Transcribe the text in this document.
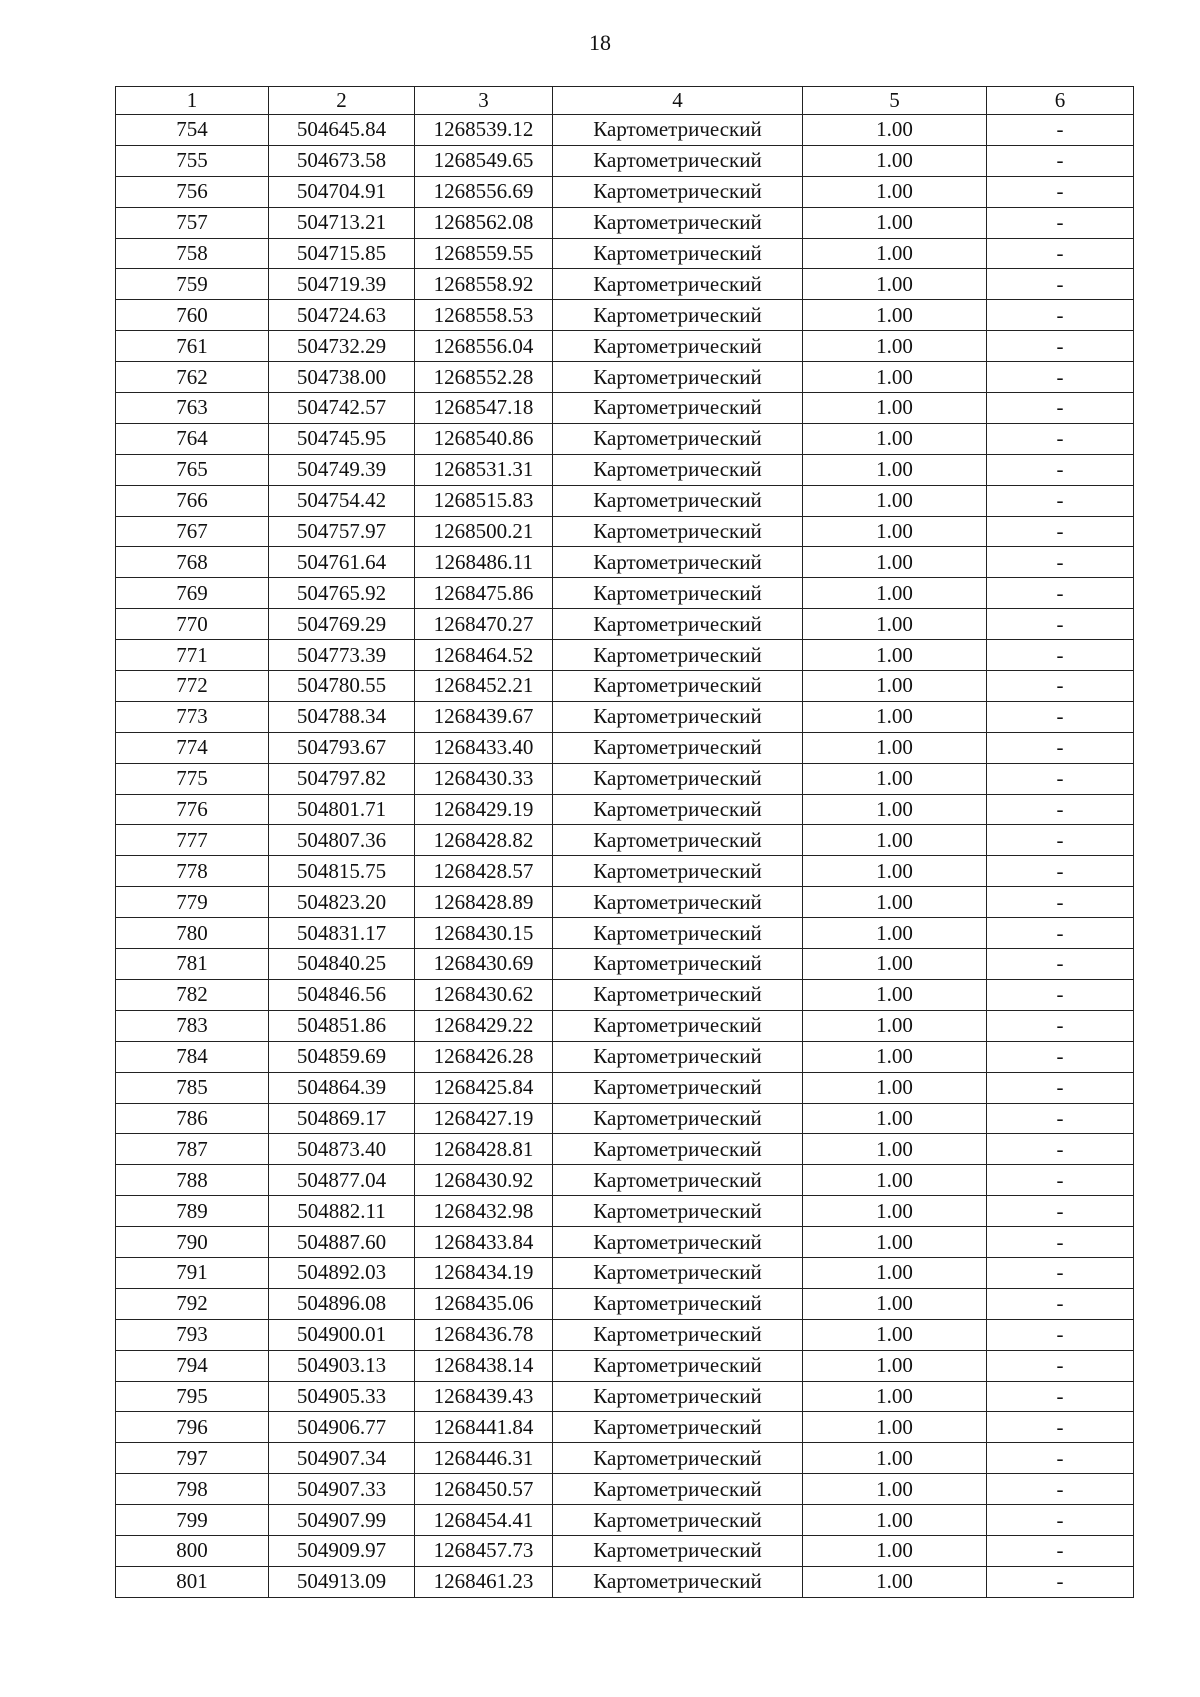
18
1	2	3	4	5	6
754	504645.84	1268539.12	Картометрический	1.00	-
755	504673.58	1268549.65	Картометрический	1.00	-
756	504704.91	1268556.69	Картометрический	1.00	-
757	504713.21	1268562.08	Картометрический	1.00	-
758	504715.85	1268559.55	Картометрический	1.00	-
759	504719.39	1268558.92	Картометрический	1.00	-
760	504724.63	1268558.53	Картометрический	1.00	-
761	504732.29	1268556.04	Картометрический	1.00	-
762	504738.00	1268552.28	Картометрический	1.00	-
763	504742.57	1268547.18	Картометрический	1.00	-
764	504745.95	1268540.86	Картометрический	1.00	-
765	504749.39	1268531.31	Картометрический	1.00	-
766	504754.42	1268515.83	Картометрический	1.00	-
767	504757.97	1268500.21	Картометрический	1.00	-
768	504761.64	1268486.11	Картометрический	1.00	-
769	504765.92	1268475.86	Картометрический	1.00	-
770	504769.29	1268470.27	Картометрический	1.00	-
771	504773.39	1268464.52	Картометрический	1.00	-
772	504780.55	1268452.21	Картометрический	1.00	-
773	504788.34	1268439.67	Картометрический	1.00	-
774	504793.67	1268433.40	Картометрический	1.00	-
775	504797.82	1268430.33	Картометрический	1.00	-
776	504801.71	1268429.19	Картометрический	1.00	-
777	504807.36	1268428.82	Картометрический	1.00	-
778	504815.75	1268428.57	Картометрический	1.00	-
779	504823.20	1268428.89	Картометрический	1.00	-
780	504831.17	1268430.15	Картометрический	1.00	-
781	504840.25	1268430.69	Картометрический	1.00	-
782	504846.56	1268430.62	Картометрический	1.00	-
783	504851.86	1268429.22	Картометрический	1.00	-
784	504859.69	1268426.28	Картометрический	1.00	-
785	504864.39	1268425.84	Картометрический	1.00	-
786	504869.17	1268427.19	Картометрический	1.00	-
787	504873.40	1268428.81	Картометрический	1.00	-
788	504877.04	1268430.92	Картометрический	1.00	-
789	504882.11	1268432.98	Картометрический	1.00	-
790	504887.60	1268433.84	Картометрический	1.00	-
791	504892.03	1268434.19	Картометрический	1.00	-
792	504896.08	1268435.06	Картометрический	1.00	-
793	504900.01	1268436.78	Картометрический	1.00	-
794	504903.13	1268438.14	Картометрический	1.00	-
795	504905.33	1268439.43	Картометрический	1.00	-
796	504906.77	1268441.84	Картометрический	1.00	-
797	504907.34	1268446.31	Картометрический	1.00	-
798	504907.33	1268450.57	Картометрический	1.00	-
799	504907.99	1268454.41	Картометрический	1.00	-
800	504909.97	1268457.73	Картометрический	1.00	-
801	504913.09	1268461.23	Картометрический	1.00	-
